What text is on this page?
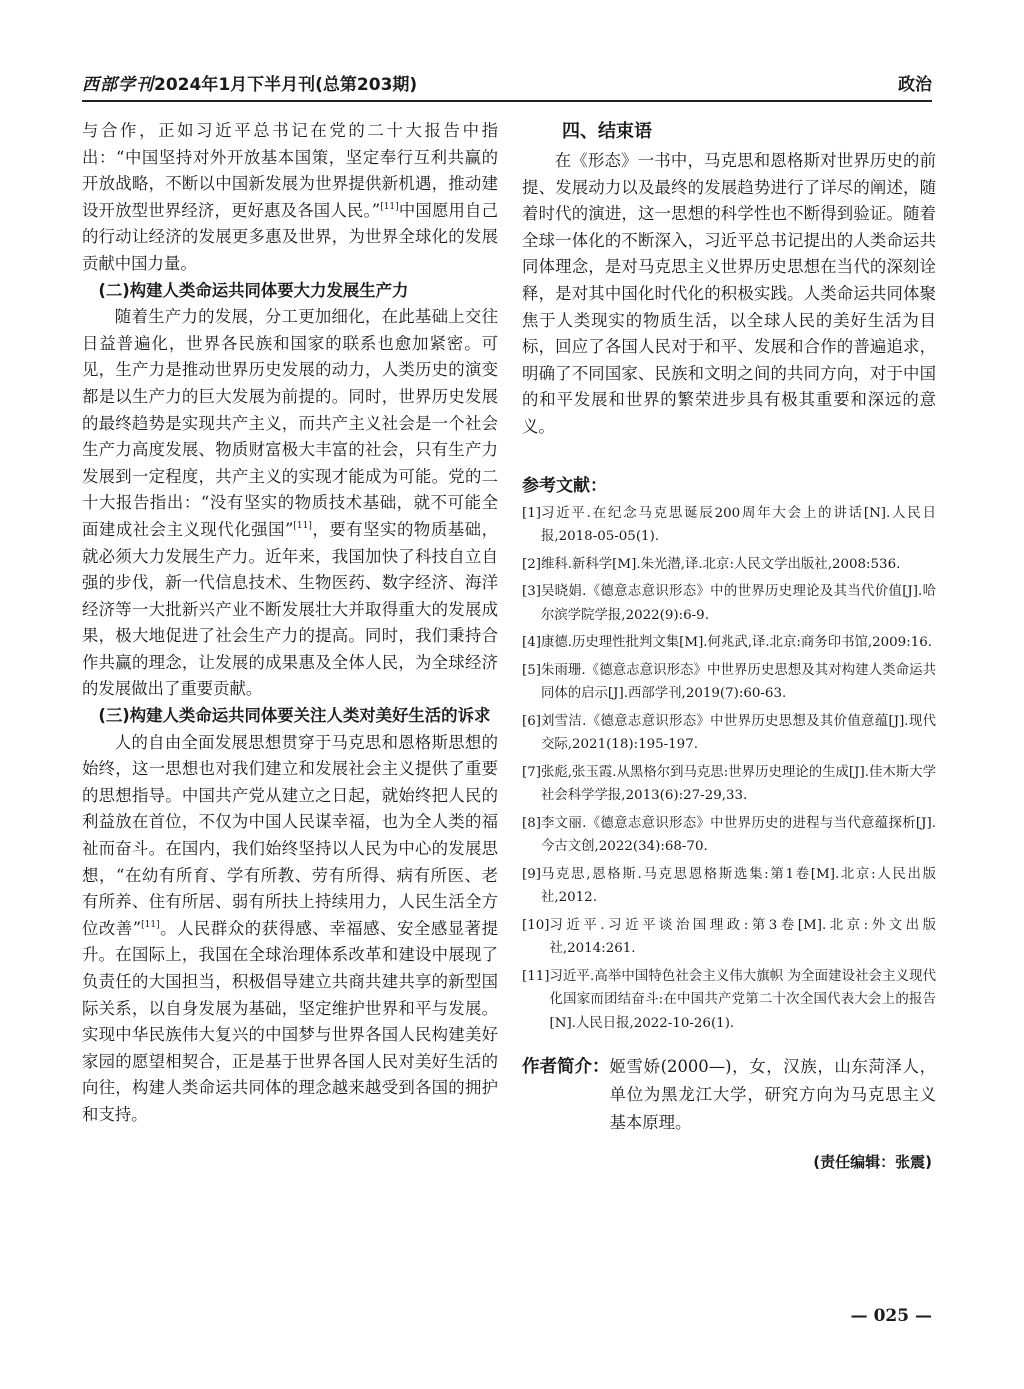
西部学刊2024年1月下半月刊(总第203期)	政治

与合作，正如习近平总书记在党的二十大报告中指出：“中国坚持对外开放基本国策，坚定奉行互利共赢的开放战略，不断以中国新发展为世界提供新机遇，推动建设开放型世界经济，更好惠及各国人民。”[11]中国愿用自己的行动让经济的发展更多惠及世界，为世界全球化的发展贡献中国力量。

(二)构建人类命运共同体要大力发展生产力

随着生产力的发展，分工更加细化，在此基础上交往日益普遍化，世界各民族和国家的联系也愈加紧密。可见，生产力是推动世界历史发展的动力，人类历史的演变都是以生产力的巨大发展为前提的。同时，世界历史发展的最终趋势是实现共产主义，而共产主义社会是一个社会生产力高度发展、物质财富极大丰富的社会，只有生产力发展到一定程度，共产主义的实现才能成为可能。党的二十大报告指出：“没有坚实的物质技术基础，就不可能全面建成社会主义现代化强国”[11]，要有坚实的物质基础，就必须大力发展生产力。近年来，我国加快了科技自立自强的步伐，新一代信息技术、生物医药、数字经济、海洋经济等一大批新兴产业不断发展壮大并取得重大的发展成果，极大地促进了社会生产力的提高。同时，我们秉持合作共赢的理念，让发展的成果惠及全体人民，为全球经济的发展做出了重要贡献。

(三)构建人类命运共同体要关注人类对美好生活的诉求

人的自由全面发展思想贯穿于马克思和恩格斯思想的始终，这一思想也对我们建立和发展社会主义提供了重要的思想指导。中国共产党从建立之日起，就始终把人民的利益放在首位，不仅为中国人民谋幸福，也为全人类的福祉而奋斗。在国内，我们始终坚持以人民为中心的发展思想，“在幼有所育、学有所教、劳有所得、病有所医、老有所养、住有所居、弱有所扶上持续用力，人民生活全方位改善”[11]。人民群众的获得感、幸福感、安全感显著提升。在国际上，我国在全球治理体系改革和建设中展现了负责任的大国担当，积极倡导建立共商共建共享的新型国际关系，以自身发展为基础，坚定维护世界和平与发展。实现中华民族伟大复兴的中国梦与世界各国人民构建美好家园的愿望相契合，正是基于世界各国人民对美好生活的向往，构建人类命运共同体的理念越来越受到各国的拥护和支持。

四、结束语

在《形态》一书中，马克思和恩格斯对世界历史的前提、发展动力以及最终的发展趋势进行了详尽的阐述，随着时代的演进，这一思想的科学性也不断得到验证。随着全球一体化的不断深入，习近平总书记提出的人类命运共同体理念，是对马克思主义世界历史思想在当代的深刻诠释，是对其中国化时代化的积极实践。人类命运共同体聚焦于人类现实的物质生活，以全球人民的美好生活为目标，回应了各国人民对于和平、发展和合作的普遍追求，明确了不同国家、民族和文明之间的共同方向，对于中国的和平发展和世界的繁荣进步具有极其重要和深远的意义。

参考文献：
[1] 习近平.在纪念马克思诞辰200周年大会上的讲话[N].人民日报,2018-05-05(1).
[2] 维科.新科学[M].朱光潜,译.北京:人民文学出版社,2008:536.
[3] 吴晓娟.《德意志意识形态》中的世界历史理论及其当代价值[J].哈尔滨学院学报,2022(9):6-9.
[4] 康德.历史理性批判文集[M].何兆武,译.北京:商务印书馆,2009:16.
[5] 朱雨珊.《德意志意识形态》中世界历史思想及其对构建人类命运共同体的启示[J].西部学刊,2019(7):60-63.
[6] 刘雪洁.《德意志意识形态》中世界历史思想及其价值意蕴[J].现代交际,2021(18):195-197.
[7] 张彪,张玉霞.从黑格尔到马克思:世界历史理论的生成[J].佳木斯大学社会科学学报,2013(6):27-29,33.
[8] 李文丽.《德意志意识形态》中世界历史的进程与当代意蕴探析[J].今古文创,2022(34):68-70.
[9] 马克思,恩格斯.马克思恩格斯选集:第1卷[M].北京:人民出版社,2012.
[10] 习近平.习近平谈治国理政:第3卷[M].北京:外文出版社,2014:261.
[11] 习近平.高举中国特色社会主义伟大旗帜 为全面建设社会主义现代化国家而团结奋斗:在中国共产党第二十次全国代表大会上的报告[N].人民日报,2022-10-26(1).
作者简介： 姬雪娇(2000—)，女，汉族，山东菏泽人，单位为黑龙江大学，研究方向为马克思主义基本原理。
(责任编辑：张震)
— 025 —
